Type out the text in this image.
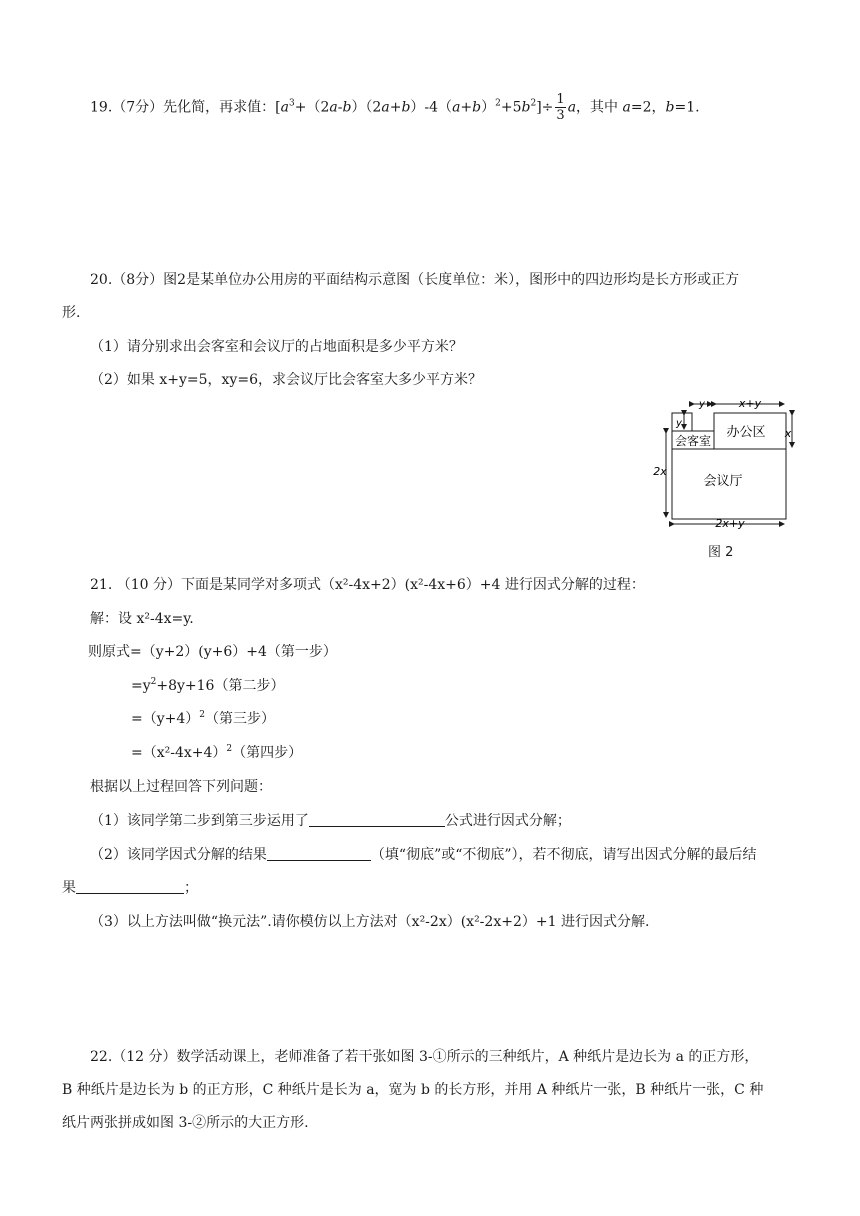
19.（7分）先化简，再求值：$[a^3+(2a-b)(2a+b)-4(a+b)^2+5b^2]\div \frac{1}{3}$ a，其中 a=2，b=1.
20.（8分）图2是某单位办公用房的平面结构示意图（长度单位：米），图形中的四边形均是长方形或正方
形.
（1）请分别求出会客室和会议厅的占地面积是多少平方米？
（2）如果 x+y=5，xy=6，求会议厅比会客室大多少平方米？
y	x+y
y
x
2x
2x+y
会客室
办公区
会议厅
图 2
21. （10 分）下面是某同学对多项式（x²-4x+2）(x²-4x+6）+4 进行因式分解的过程：
解：设 x²-4x=y.
则原式=（y+2）(y+6）+4（第一步）
$=y^2+8y+16$（第二步）
$=(y+4)^2$（第三步）
$=(x^2-4x+4)^2$（第四步）
根据以上过程回答下列问题：
（1）该同学第二步到第三步运用了	公式进行因式分解；
（2）该同学因式分解的结果	（填“彻底”或“不彻底”），若不彻底，请写出因式分解的最后结
果	；
（3）以上方法叫做“换元法”.请你模仿以上方法对（x²-2x）(x²-2x+2）+1 进行因式分解.
22.（12 分）数学活动课上，老师准备了若干张如图 3-①所示的三种纸片，A 种纸片是边长为 a 的正方形，
B 种纸片是边长为 b 的正方形，C 种纸片是长为 a，宽为 b 的长方形，并用 A 种纸片一张，B 种纸片一张，C 种
纸片两张拼成如图 3-②所示的大正方形.
